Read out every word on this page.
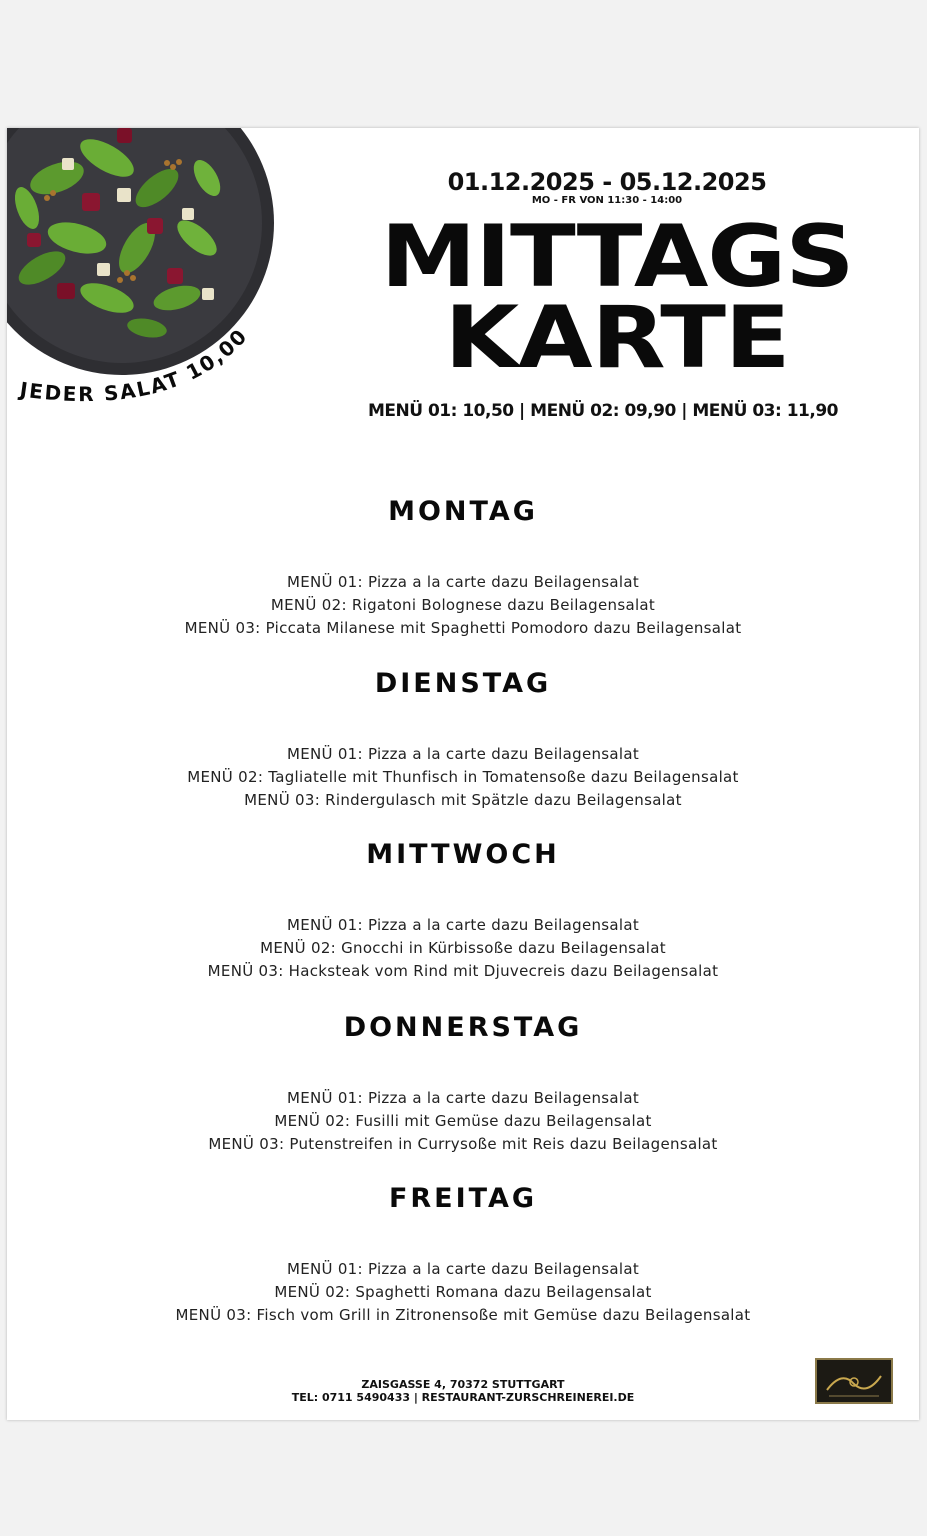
JEDER SALAT 10,00
01.12.2025 - 05.12.2025
MO - FR VON 11:30 - 14:00
MITTAGS
KARTE
MENÜ 01: 10,50 | MENÜ 02: 09,90 | MENÜ 03: 11,90
MONTAG
MENÜ 01: Pizza a la carte dazu Beilagensalat
MENÜ 02: Rigatoni Bolognese dazu Beilagensalat
MENÜ 03: Piccata Milanese mit Spaghetti Pomodoro dazu Beilagensalat
DIENSTAG
MENÜ 01: Pizza a la carte dazu Beilagensalat
MENÜ 02: Tagliatelle mit Thunfisch in Tomatensoße dazu Beilagensalat
MENÜ 03: Rindergulasch mit Spätzle dazu Beilagensalat
MITTWOCH
MENÜ 01: Pizza a la carte dazu Beilagensalat
MENÜ 02: Gnocchi in Kürbissoße dazu Beilagensalat
MENÜ 03: Hacksteak vom Rind mit Djuvecreis dazu Beilagensalat
DONNERSTAG
MENÜ 01: Pizza a la carte dazu Beilagensalat
MENÜ 02: Fusilli mit Gemüse dazu Beilagensalat
MENÜ 03: Putenstreifen in Currysoße mit Reis dazu Beilagensalat
FREITAG
MENÜ 01: Pizza a la carte dazu Beilagensalat
MENÜ 02: Spaghetti Romana dazu Beilagensalat
MENÜ 03: Fisch vom Grill in Zitronensoße mit Gemüse dazu Beilagensalat
ZAISGASSE 4, 70372 STUTTGART
TEL: 0711 5490433 | RESTAURANT-ZURSCHREINEREI.DE
